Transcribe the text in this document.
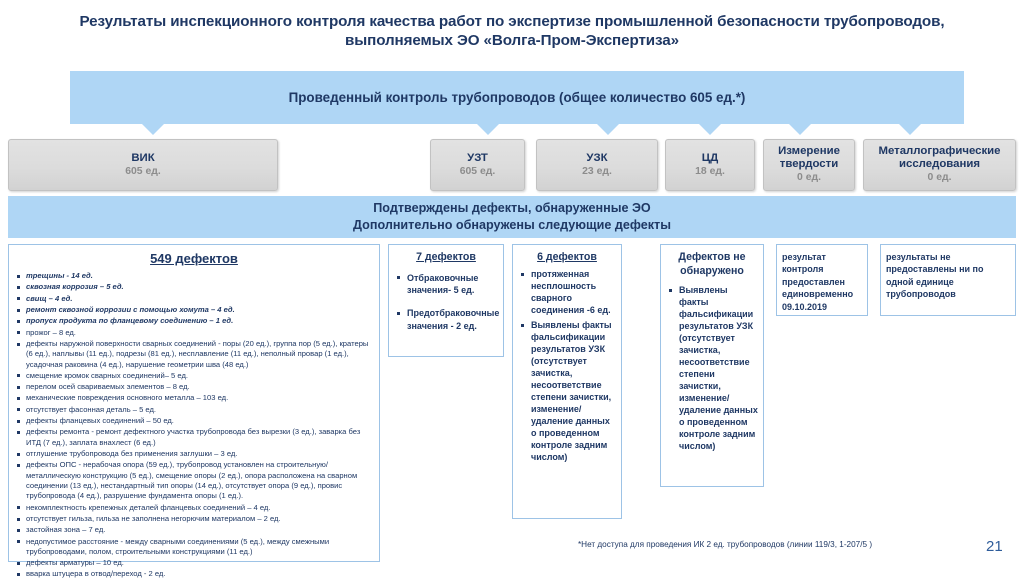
Результаты инспекционного контроля качества работ по экспертизе промышленной безопасности трубопроводов, выполняемых ЭО «Волга-Пром-Экспертиза»
Проведенный контроль трубопроводов (общее количество 605 ед.*)
ВИК
605 ед.
УЗТ
605 ед.
УЗК
23 ед.
ЦД
18 ед.
Измерение твердости
0 ед.
Металлографические исследования
0 ед.
Подтверждены дефекты, обнаруженные ЭО
Дополнительно обнаружены следующие дефекты
549 дефектов
трещины - 14 ед.
сквозная коррозия – 5 ед.
свищ – 4 ед.
ремонт сквозной коррозии с помощью хомута – 4 ед.
пропуск продукта по фланцевому соединению – 1 ед.
прожог – 8 ед.
дефекты наружной поверхности сварных соединений - поры (20 ед.), группа пор (5 ед.), кратеры (6 ед.), наплывы (11 ед.), подрезы (81 ед.), несплавление (11 ед.), неполный провар (1 ед.), усадочная раковина (4 ед.), нарушение геометрии шва (48 ед.)
смещение кромок сварных соединений– 5 ед.
перелом осей свариваемых элементов – 8 ед.
механические повреждения основного металла – 103 ед.
отсутствует фасонная деталь – 5 ед.
дефекты фланцевых соединений – 50 ед.
дефекты ремонта - ремонт дефектного участка трубопровода без вырезки (3 ед.), заварка без ИТД (7 ед.), заплата внахлест (6 ед.)
отглушение трубопровода без применения заглушки – 3 ед.
дефекты ОПС - нерабочая опора (59 ед.), трубопровод установлен на строительную/металлическую конструкцию (5 ед.), смещение опоры (2 ед.), опора расположена на сварном соединении (13 ед.), нестандартный тип опоры (14 ед.), отсутствует опора (9 ед.), провис трубопровода (4 ед.), разрушение фундамента опоры (1 ед.).
некомплектность крепежных деталей фланцевых соединений – 4 ед.
отсутствует гильза, гильза не заполнена негорючим материалом – 2 ед.
застойная зона – 7 ед.
недопустимое расстояние - между сварными соединениями (5 ед.), между смежными трубопроводами, полом, строительными конструкциями (11 ед.)
дефекты арматуры – 10 ед.
вварка штуцера в отвод/переход - 2 ед.
7 дефектов
Отбраковочные значения- 5 ед.
Предотбраковочные значения - 2 ед.
6 дефектов
протяженная несплошность сварного соединения -6 ед.
Выявлены факты фальсификации результатов УЗК (отсутствует зачистка, несоответствие степени зачистки, изменение/ удаление данных о проведенном контроле задним числом)
Дефектов не обнаружено
Выявлены факты фальсификации результатов УЗК (отсутствует зачистка, несоответствие степени зачистки, изменение/ удаление данных о проведенном контроле задним числом)
результат контроля предоставлен единовременно 09.10.2019
результаты не предоставлены ни по одной единице трубопроводов
*Нет доступа для проведения ИК 2 ед. трубопроводов (линии 119/3, 1-207/5 )	21
